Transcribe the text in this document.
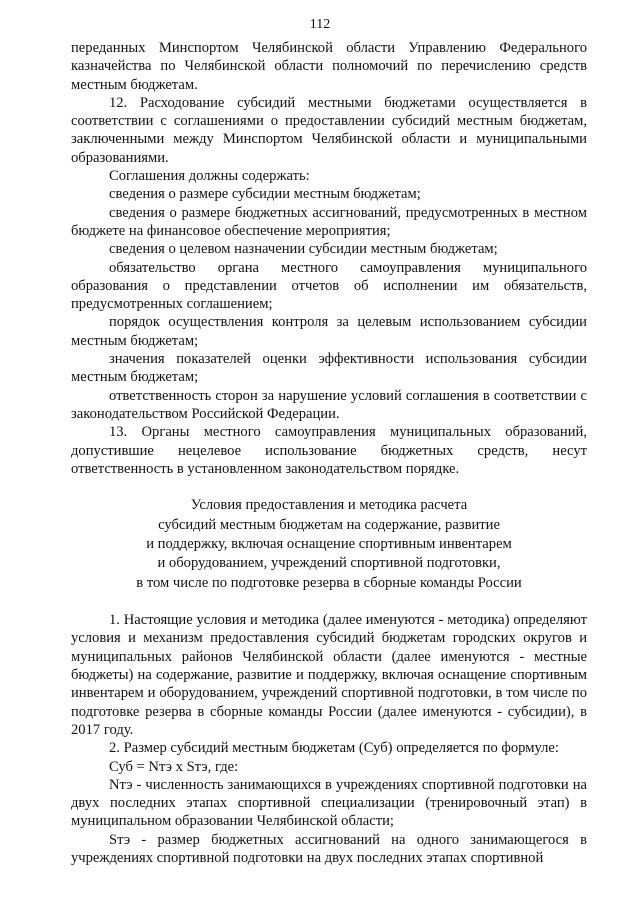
112

переданных Минспортом Челябинской области Управлению Федерального казначейства по Челябинской области полномочий по перечислению средств местным бюджетам.

12. Расходование субсидий местными бюджетами осуществляется в соответствии с соглашениями о предоставлении субсидий местным бюджетам, заключенными между Минспортом Челябинской области и муниципальными образованиями.

Соглашения должны содержать:

сведения о размере субсидии местным бюджетам;

сведения о размере бюджетных ассигнований, предусмотренных в местном бюджете на финансовое обеспечение мероприятия;

сведения о целевом назначении субсидии местным бюджетам;

обязательство органа местного самоуправления муниципального образования о представлении отчетов об исполнении им обязательств, предусмотренных соглашением;

порядок осуществления контроля за целевым использованием субсидии местным бюджетам;

значения показателей оценки эффективности использования субсидии местным бюджетам;

ответственность сторон за нарушение условий соглашения в соответствии с законодательством Российской Федерации.

13. Органы местного самоуправления муниципальных образований, допустившие нецелевое использование бюджетных средств, несут ответственность в установленном законодательством порядке.

Условия предоставления и методика расчета
субсидий местным бюджетам на содержание, развитие
и поддержку, включая оснащение спортивным инвентарем
и оборудованием, учреждений спортивной подготовки,
в том числе по подготовке резерва в сборные команды России

1. Настоящие условия и методика (далее именуются - методика) определяют условия и механизм предоставления субсидий бюджетам городских округов и муниципальных районов Челябинской области (далее именуются - местные бюджеты) на содержание, развитие и поддержку, включая оснащение спортивным инвентарем и оборудованием, учреждений спортивной подготовки, в том числе по подготовке резерва в сборные команды России (далее именуются - субсидии), в 2017 году.

2. Размер субсидий местным бюджетам (Суб) определяется по формуле:

Суб = Nтэ х Sтэ, где:

Nтэ - численность занимающихся в учреждениях спортивной подготовки на двух последних этапах спортивной специализации (тренировочный этап) в муниципальном образовании Челябинской области;

Sтэ - размер бюджетных ассигнований на одного занимающегося в учреждениях спортивной подготовки на двух последних этапах спортивной
